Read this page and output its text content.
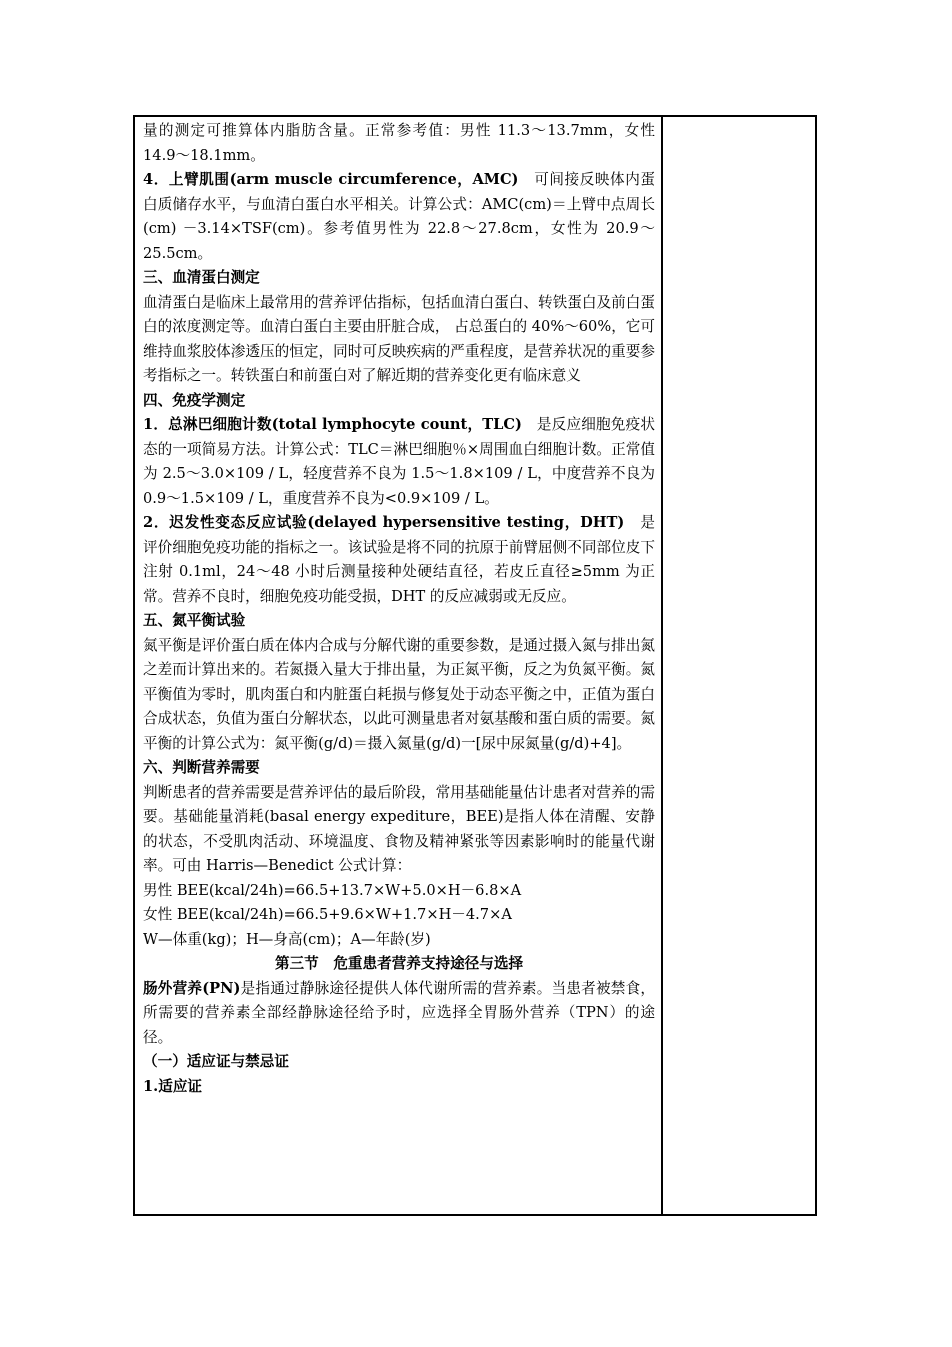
量的测定可推算体内脂肪含量。正常参考值：男性 11.3～13.7mm，女性 14.9～18.1mm。

4．上臂肌围(arm muscle circumference，AMC)　可间接反映体内蛋白质储存水平，与血清白蛋白水平相关。计算公式：AMC(cm)＝上臂中点周长(cm) －3.14×TSF(cm)。参考值男性为 22.8～27.8cm，女性为 20.9～25.5cm。

三、血清蛋白测定

血清蛋白是临床上最常用的营养评估指标，包括血清白蛋白、转铁蛋白及前白蛋白的浓度测定等。血清白蛋白主要由肝脏合成， 占总蛋白的 40%～60%，它可维持血浆胶体渗透压的恒定，同时可反映疾病的严重程度，是营养状况的重要参考指标之一。转铁蛋白和前蛋白对了解近期的营养变化更有临床意义

四、免疫学测定

1．总淋巴细胞计数(total lymphocyte count，TLC)　是反应细胞免疫状态的一项简易方法。计算公式：TLC＝淋巴细胞％×周围血白细胞计数。正常值为 2.5～3.0×109 / L，轻度营养不良为 1.5～1.8×109 / L，中度营养不良为 0.9～1.5×109 / L，重度营养不良为<0.9×109 / L。

2．迟发性变态反应试验(delayed hypersensitive testing，DHT)　是评价细胞免疫功能的指标之一。该试验是将不同的抗原于前臂屈侧不同部位皮下注射 0.1ml，24～48 小时后测量接种处硬结直径，若皮丘直径≥5mm 为正常。营养不良时，细胞免疫功能受损，DHT 的反应减弱或无反应。

五、氮平衡试验

氮平衡是评价蛋白质在体内合成与分解代谢的重要参数，是通过摄入氮与排出氮之差而计算出来的。若氮摄入量大于排出量，为正氮平衡，反之为负氮平衡。氮平衡值为零时，肌肉蛋白和内脏蛋白耗损与修复处于动态平衡之中，正值为蛋白合成状态，负值为蛋白分解状态，以此可测量患者对氨基酸和蛋白质的需要。氮平衡的计算公式为：氮平衡(g/d)＝摄入氮量(g/d)一[尿中尿氮量(g/d)+4]。

六、判断营养需要

判断患者的营养需要是营养评估的最后阶段，常用基础能量估计患者对营养的需要。基础能量消耗(basal energy expediture，BEE)是指人体在清醒、安静的状态，不受肌肉活动、环境温度、食物及精神紧张等因素影响时的能量代谢率。可由 Harris—Benedict 公式计算：

男性 BEE(kcal/24h)=66.5+13.7×W+5.0×H－6.8×A

女性 BEE(kcal/24h)=66.5+9.6×W+1.7×H－4.7×A

W—体重(kg)；H—身高(cm)；A—年龄(岁)

第三节　危重患者营养支持途径与选择

肠外营养(PN)是指通过静脉途径提供人体代谢所需的营养素。当患者被禁食，所需要的营养素全部经静脉途径给予时，应选择全胃肠外营养（TPN）的途径。

（一）适应证与禁忌证

1.适应证
